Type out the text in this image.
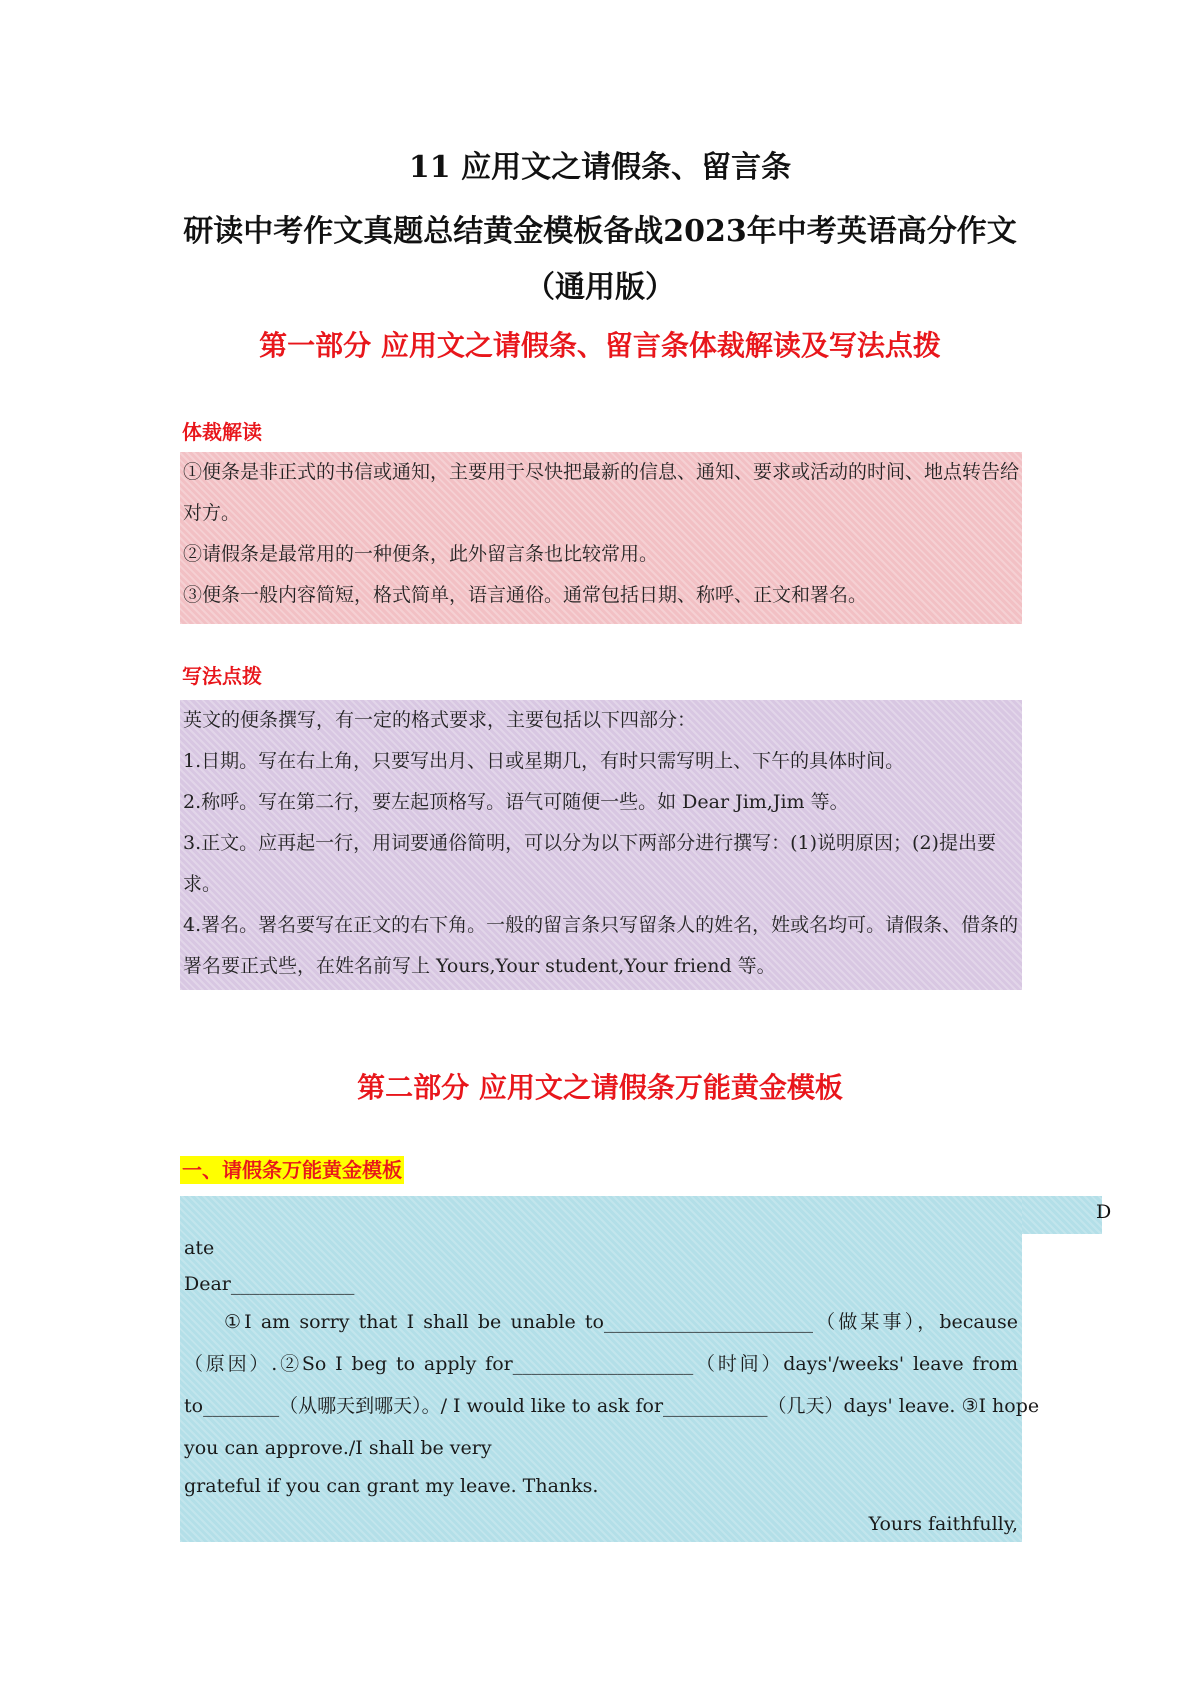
11 应用文之请假条、留言条
研读中考作文真题总结黄金模板备战2023年中考英语高分作文
（通用版）
第一部分 应用文之请假条、留言条体裁解读及写法点拨
体裁解读

①便条是非正式的书信或通知，主要用于尽快把最新的信息、通知、要求或活动的时间、地点转告给对方。

②请假条是最常用的一种便条，此外留言条也比较常用。

③便条一般内容简短，格式简单，语言通俗。通常包括日期、称呼、正文和署名。

写法点拨

英文的便条撰写，有一定的格式要求，主要包括以下四部分：

1.日期。写在右上角，只要写出月、日或星期几，有时只需写明上、下午的具体时间。

2.称呼。写在第二行，要左起顶格写。语气可随便一些。如 Dear Jim,Jim 等。

3.正文。应再起一行，用词要通俗简明，可以分为以下两部分进行撰写：(1)说明原因；(2)提出要求。

4.署名。署名要写在正文的右下角。一般的留言条只写留条人的姓名，姓或名均可。请假条、借条的署名要正式些，在姓名前写上 Yours,Your student,Your friend 等。

第二部分 应用文之请假条万能黄金模板
一、请假条万能黄金模板
ate
Dear_____________
①I am sorry that I shall be unable to______________________（做某事），because
（原因）.②So I beg to apply for___________________（时间）days'/weeks' leave from
to________（从哪天到哪天）。/ I would like to ask for___________（几天）days' leave. ③I hope
you can approve./I shall be very
grateful if you can grant my leave. Thanks.
Yours faithfully,
D
